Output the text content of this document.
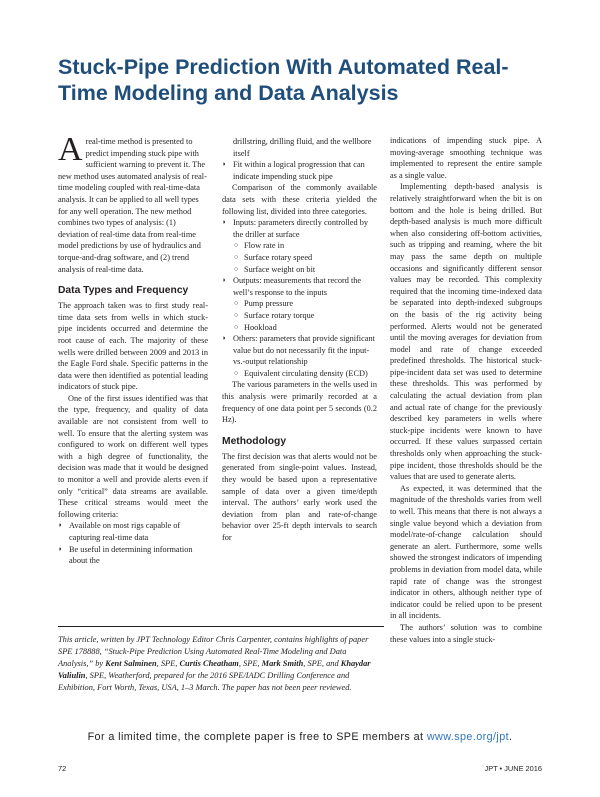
Stuck-Pipe Prediction With Automated Real-Time Modeling and Data Analysis

Areal-time method is presented to predict impending stuck pipe with sufficient warning to prevent it. The new method uses automated analysis of real-time modeling coupled with real-time-data analysis. It can be applied to all well types for any well operation. The new method combines two types of analysis: (1) deviation of real-time data from real-time model predictions by use of hydraulics and torque-and-drag software, and (2) trend analysis of real-time data.

Data Types and Frequency

The approach taken was to first study real-time data sets from wells in which stuck-pipe incidents occurred and determine the root cause of each. The majority of these wells were drilled between 2009 and 2013 in the Eagle Ford shale. Specific patterns in the data were then identified as potential leading indicators of stuck pipe.

One of the first issues identified was that the type, frequency, and quality of data available are not consistent from well to well. To ensure that the alerting system was configured to work on different well types with a high degree of functionality, the decision was made that it would be designed to monitor a well and provide alerts even if only “critical” data streams are available. These critical streams would meet the following criteria:

◗ Available on most rigs capable of capturing real-time data
◗ Be useful in determining information about the
drillstring, drilling fluid, and the wellbore itself
◗ Fit within a logical progression that can indicate impending stuck pipe

Comparison of the commonly available data sets with these criteria yielded the following list, divided into three categories.

◗ Inputs: parameters directly controlled by the driller at surface
○ Flow rate in
○ Surface rotary speed
○ Surface weight on bit
◗ Outputs: measurements that record the well’s response to the inputs
○ Pump pressure
○ Surface rotary torque
○ Hookload
◗ Others: parameters that provide significant value but do not necessarily fit the input-vs.-output relationship
○ Equivalent circulating density (ECD)

The various parameters in the wells used in this analysis were primarily recorded at a frequency of one data point per 5 seconds (0.2 Hz).

Methodology

The first decision was that alerts would not be generated from single-point values. Instead, they would be based upon a representative sample of data over a given time/depth interval. The authors’ early work used the deviation from plan and rate-of-change behavior over 25-ft depth intervals to search for

indications of impending stuck pipe. A moving-average smoothing technique was implemented to represent the entire sample as a single value.

Implementing depth-based analysis is relatively straightforward when the bit is on bottom and the hole is being drilled. But depth-based analysis is much more difficult when also considering off-bottom activities, such as tripping and reaming, where the bit may pass the same depth on multiple occasions and significantly different sensor values may be recorded. This complexity required that the incoming time-indexed data be separated into depth-indexed subgroups on the basis of the rig activity being performed. Alerts would not be generated until the moving averages for deviation from model and rate of change exceeded predefined thresholds. The historical stuck-pipe-incident data set was used to determine these thresholds. This was performed by calculating the actual deviation from plan and actual rate of change for the previously described key parameters in wells where stuck-pipe incidents were known to have occurred. If these values surpassed certain thresholds only when approaching the stuck-pipe incident, those thresholds should be the values that are used to generate alerts.

As expected, it was determined that the magnitude of the thresholds varies from well to well. This means that there is not always a single value beyond which a deviation from model/rate-of-change calculation should generate an alert. Furthermore, some wells showed the strongest indicators of impending problems in deviation from model data, while rapid rate of change was the strongest indicator in others, although neither type of indicator could be relied upon to be present in all incidents.

The authors’ solution was to combine these values into a single stuck-

This article, written by JPT Technology Editor Chris Carpenter, contains highlights of paper SPE 178888, “Stuck-Pipe Prediction Using Automated Real-Time Modeling and Data Analysis,” by Kent Salminen, SPE, Curtis Cheatham, SPE, Mark Smith, SPE, and Khaydar Valiulin, SPE, Weatherford, prepared for the 2016 SPE/IADC Drilling Conference and Exhibition, Fort Worth, Texas, USA, 1–3 March. The paper has not been peer reviewed.

For a limited time, the complete paper is free to SPE members at www.spe.org/jpt.
72	JPT • JUNE 2016
